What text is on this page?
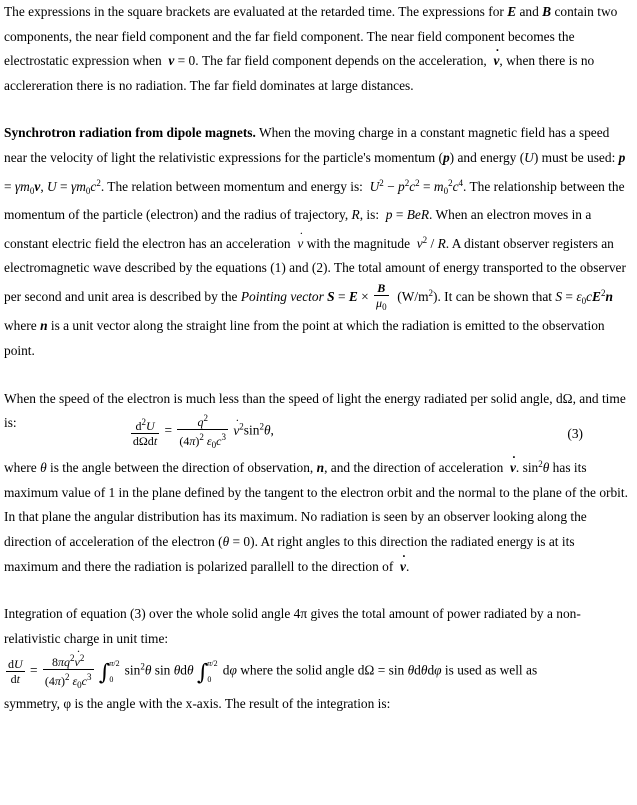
The expressions in the square brackets are evaluated at the retarded time. The expressions for E and B contain two components, the near field component and the far field component. The near field component becomes the electrostatic expression when  ν = 0. The far field component depends on the acceleration,  ν ˙, when there is no acclereration there is no radiation. The far field dominates at large distances.

Synchrotron radiation from dipole magnets. When the moving charge in a constant magnetic field has a speed near the velocity of light the relativistic expressions for the particle's momentum (p) and energy (U) must be used: $p = \gamma m_0\nu$, $U = \gamma m_0c^2$. The relation between momentum and energy is:  $U^2 - p^2c^2 = m_0^2c^4$. The relationship between the momentum of the particle (electron) and the radius of trajectory, R, is:  p = BeR. When an electron moves in a constant electric field the electron has an acceleration  ν ˙ with the magnitude  $\nu^2$ / R. A distant observer registers an electromagnetic wave described by the equations (1) and (2). The total amount of energy transported to the observer per second and unit area is described by the Pointing vector $S = E \times \frac{B}{\mu_0} (W/m^2)$. It can be shown that $S = \varepsilon_0cE^2n$ where n is a unit vector along the straight line from the point at which the radiation is emitted to the observation point.

When the speed of the electron is much less than the speed of light the energy radiated per solid angle, dΩ, and time is:	$\frac{d^2U}{\text{dΩdt}} = \frac{q^2}{(4\pi)^2 \varepsilon_0c^3}$ ν $˙^2\sin^2\theta$,	(3)

where θ is the angle between the direction of observation, n, and the direction of acceleration  ν ˙. $\sin^2\theta$ has its maximum value of 1 in the plane defined by the tangent to the electron orbit and the normal to the plane of the orbit. In that plane the angular distribution has its maximum. No radiation is seen by an observer looking along the direction of acceleration of the electron (θ = 0). At right angles to this direction the radiated energy is at its maximum and there the radiation is polarized parallell to the direction of  ν ˙.

Integration of equation (3) over the whole solid angle 4π gives the total amount of power radiated by a non-relativistic charge in unit time:

$\frac{dU}{dt} = \frac{8\pi q^2\nu ˙^2}{(4\pi)^2 \varepsilon_0c^3}$ ∫ π/2
0
$\sin^2\theta$ sin θdθ ∫ π/2
0
dφ where the solid angle dΩ = sin θdθdφ is used as well as

symmetry, φ is the angle with the x-axis. The result of the integration is:
